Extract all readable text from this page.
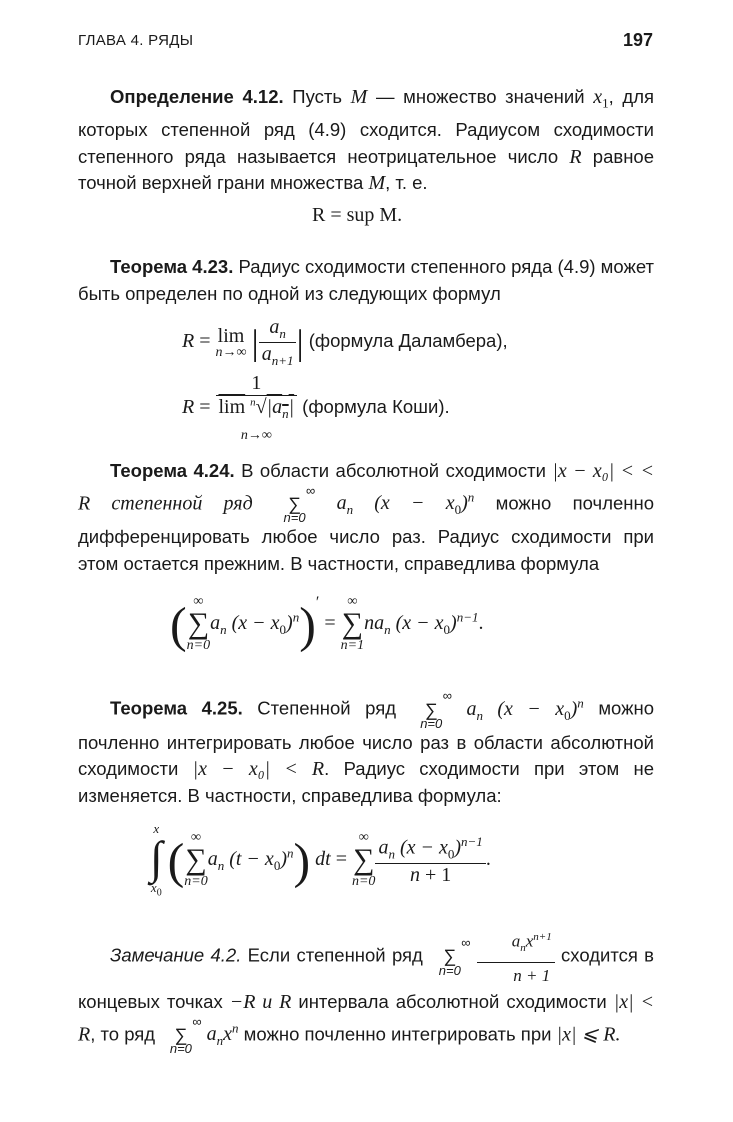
ГЛАВА 4. РЯДЫ	197
Определение 4.12. Пусть M — множество значений $x_1$, для которых степенной ряд (4.9) сходится. Радиусом сходимости степенного ряда называется неотрицательное число R равное точной верхней грани множества M, т. е.
R = sup M.
Теорема 4.23. Радиус сходимости степенного ряда (4.9) может быть определен по одной из следующих формул
R = lim
n→∞ | $\frac{a_n}{a_{n+1}}$ | (формула Даламбера),
R =
1
$\overline{lim}$ $^n√|a_n|$
n→∞
(формула Коши).
Теорема 4.24. В области абсолютной сходимости |x − x₀| < < R степенной ряд ∞
∑
n=0 $a_n$ $(x - x_0)^n$ можно почленно дифференцировать любое число раз. Радиус сходимости при этом остается прежним. В частности, справедлива формула
( ∞
∑
n=0
$a_n$ $(x - x_0)^n)'$ =
∞
∑
n=1
$na_n$ $(x - x_0)^{n-1}$.
Теорема 4.25. Степенной ряд ∞
∑
n=0 $a_n$ $(x - x_0)^n$ можно почленно интегрировать любое число раз в области абсолютной сходимости |x − x₀| < R. Радиус сходимости при этом не изменяется. В частности, справедлива формула:
x
∫
$x_0$
( ∞
∑
n=0
$a_n$ $(t - x_0)^n$) dt =
∞
∑
$n=0 \frac{a_n (x - x_0)^{n-1}}{n + 1}$ .
Замечание 4.2. Если степенной ряд ∞
∑
$n=0 \frac{a_nx^{n+1}}{n + 1}$ сходится в концевых точках −R и R интервала абсолютной сходимости |x| < R, то ряд ∞
∑
n=0 $a_nx^n$ можно почленно интегрировать при |x| ⩽ R.
